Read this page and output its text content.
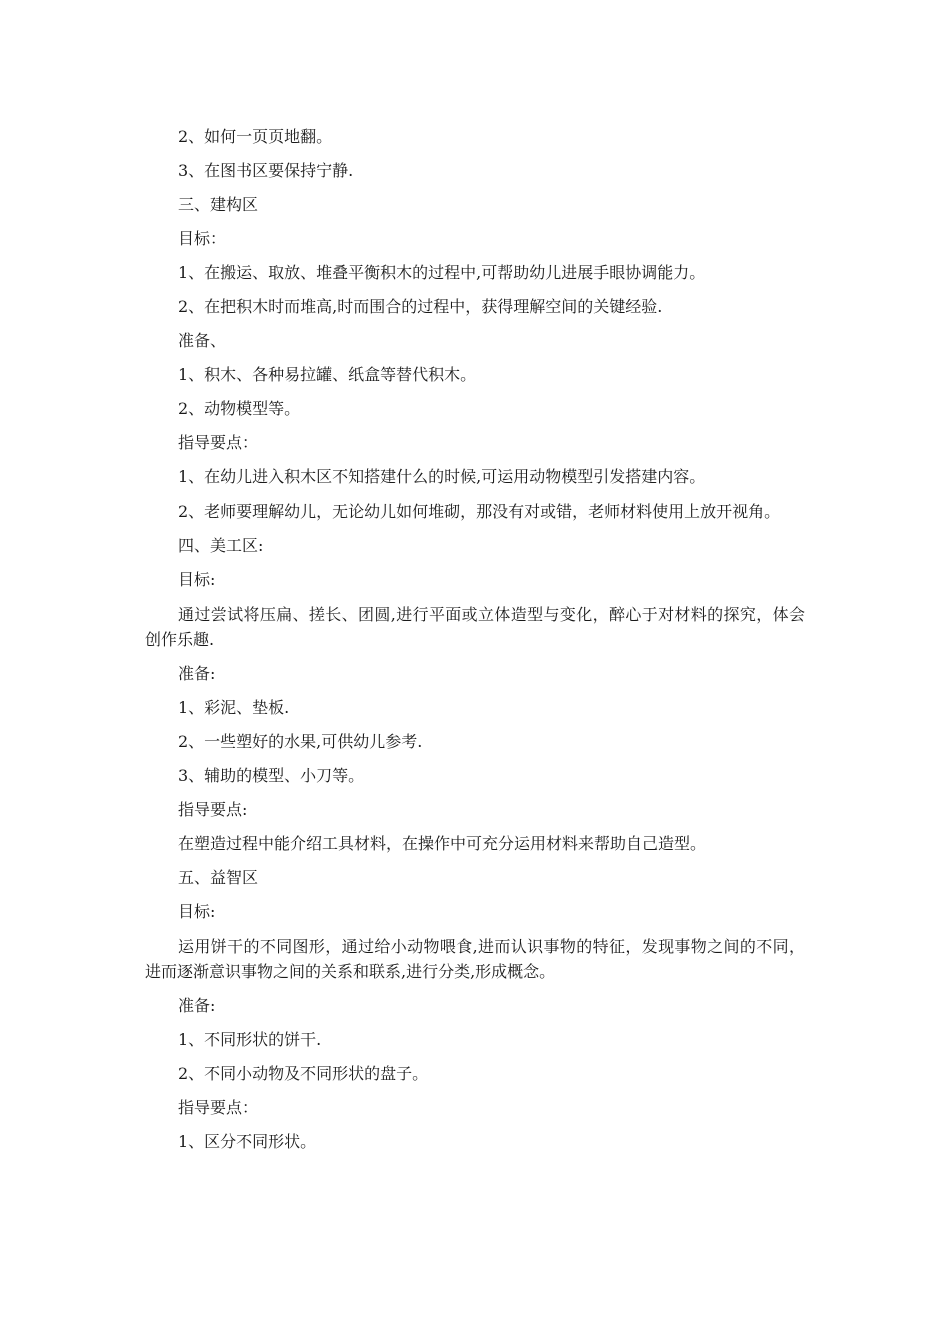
2、如何一页页地翻。

3、在图书区要保持宁静.

三、建构区

目标：

1、在搬运、取放、堆叠平衡积木的过程中,可帮助幼儿进展手眼协调能力。

2、在把积木时而堆高,时而围合的过程中，获得理解空间的关键经验.

准备、

1、积木、各种易拉罐、纸盒等替代积木。

2、动物模型等。

指导要点：

1、在幼儿进入积木区不知搭建什么的时候,可运用动物模型引发搭建内容。

2、老师要理解幼儿，无论幼儿如何堆砌，那没有对或错，老师材料使用上放开视角。

四、美工区:

目标:

通过尝试将压扁、搓长、团圆,进行平面或立体造型与变化，醉心于对材料的探究，体会创作乐趣.

准备:

1、彩泥、垫板.

2、一些塑好的水果,可供幼儿参考.

3、辅助的模型、小刀等。

指导要点:

在塑造过程中能介绍工具材料，在操作中可充分运用材料来帮助自己造型。

五、益智区

目标:

运用饼干的不同图形，通过给小动物喂食,进而认识事物的特征，发现事物之间的不同，进而逐渐意识事物之间的关系和联系,进行分类,形成概念。

准备:

1、不同形状的饼干.

2、不同小动物及不同形状的盘子。

指导要点：

1、区分不同形状。
